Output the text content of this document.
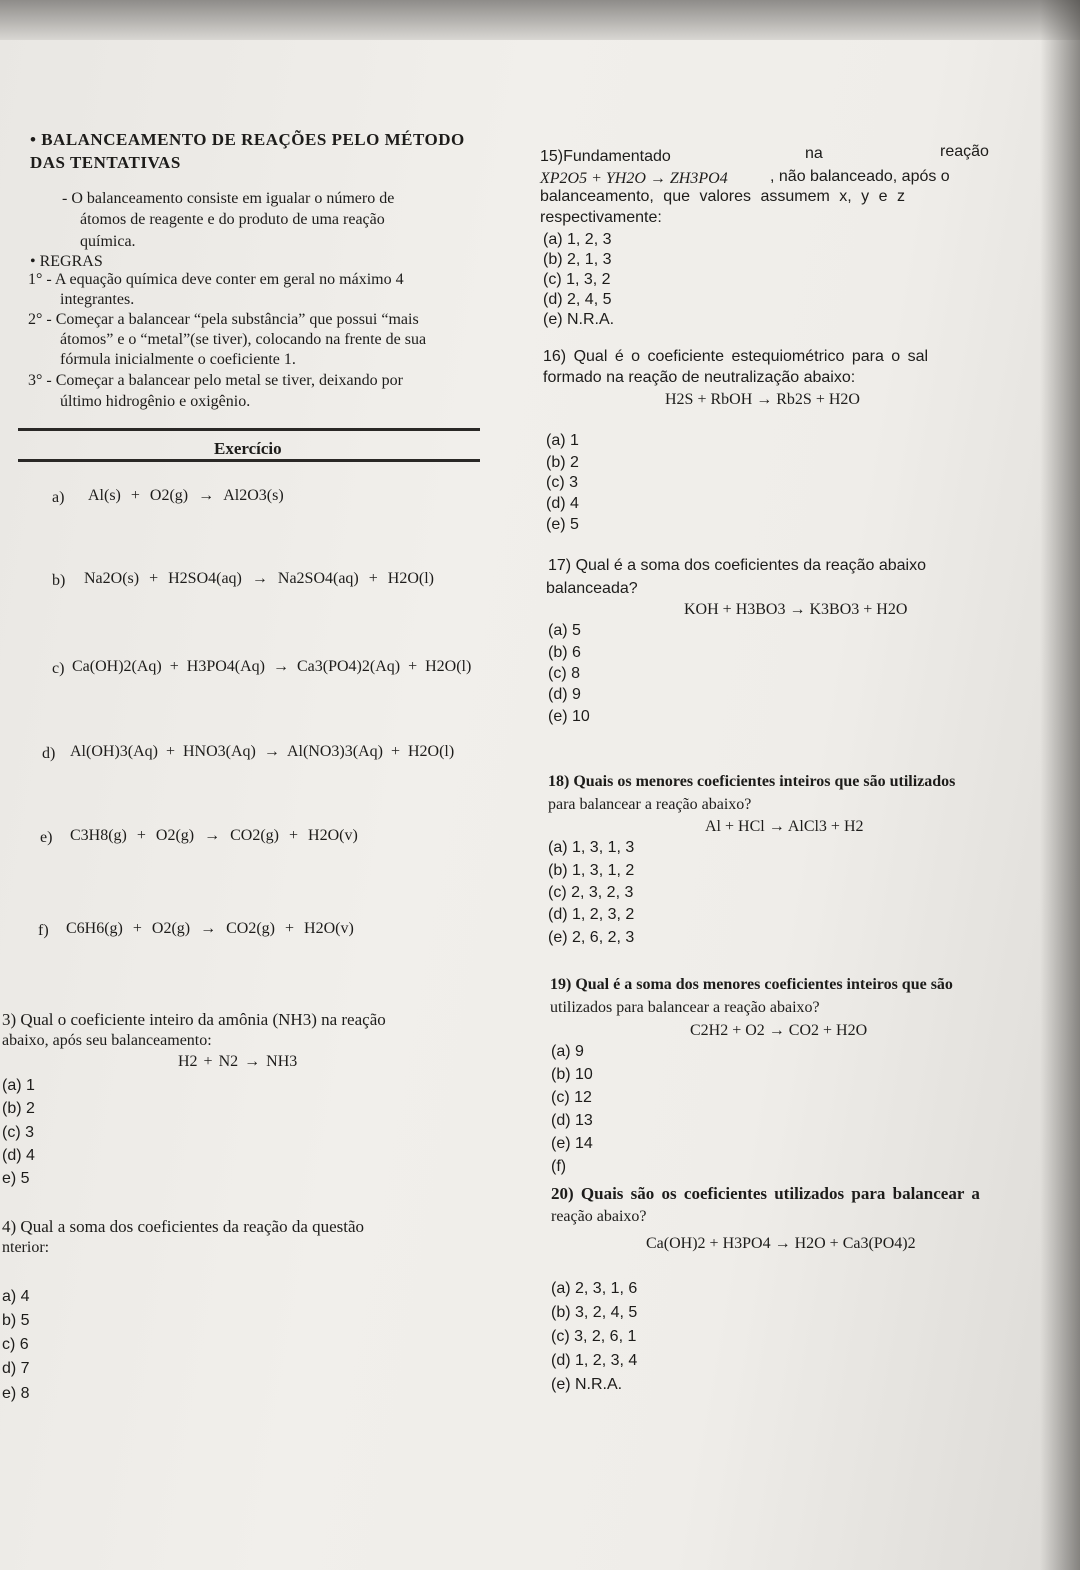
• BALANCEAMENTO DE REAÇÕES PELO MÉTODO
DAS TENTATIVAS
- O balanceamento consiste em igualar o número de
átomos de reagente e do produto de uma reação
química.
• REGRAS
1° - A equação química deve conter em geral no máximo 4
integrantes.
2° - Começar a balancear “pela substância” que possui “mais
átomos” e o “metal”(se tiver), colocando na frente de sua
fórmula inicialmente o coeficiente 1.
3° - Começar a balancear pelo metal se tiver, deixando por
último hidrogênio e oxigênio.
Exercício
a) Al(s) + O2(g) → Al2O3(s)
b) Na2O(s) + H2SO4(aq) → Na2SO4(aq) + H2O(l)
c) Ca(OH)2(Aq) + H3PO4(Aq) → Ca3(PO4)2(Aq) + H2O(l)
d) Al(OH)3(Aq) + HNO3(Aq) → Al(NO3)3(Aq) + H2O(l)
e) C3H8(g) + O2(g) → CO2(g) + H2O(v)
f) C6H6(g) + O2(g) → CO2(g) + H2O(v)
3) Qual o coeficiente inteiro da amônia (NH3) na reação
abaixo, após seu balanceamento:
H2 + N2 → NH3
(a) 1
(b) 2
(c) 3
(d) 4
e) 5
4) Qual a soma dos coeficientes da reação da questão
nterior:
a) 4
b) 5
c) 6
d) 7
e) 8
15)Fundamentado	na	reação
XP2O5 + YH2O → ZH3PO4	, não balanceado, após o
balanceamento, que valores assumem x, y e z
respectivamente:
(a) 1, 2, 3
(b) 2, 1, 3
(c) 1, 3, 2
(d) 2, 4, 5
(e) N.R.A.
16) Qual é o coeficiente estequiométrico para o sal
formado na reação de neutralização abaixo:
H2S + RbOH → Rb2S + H2O
(a) 1
(b) 2
(c) 3
(d) 4
(e) 5
17) Qual é a soma dos coeficientes da reação abaixo
balanceada?
KOH + H3BO3 → K3BO3 + H2O
(a) 5
(b) 6
(c) 8
(d) 9
(e) 10
18) Quais os menores coeficientes inteiros que são utilizados
para balancear a reação abaixo?
Al + HCl → AlCl3 + H2
(a) 1, 3, 1, 3
(b) 1, 3, 1, 2
(c) 2, 3, 2, 3
(d) 1, 2, 3, 2
(e) 2, 6, 2, 3
19) Qual é a soma dos menores coeficientes inteiros que são
utilizados para balancear a reação abaixo?
C2H2 + O2 → CO2 + H2O
(a) 9
(b) 10
(c) 12
(d) 13
(e) 14
(f)
20) Quais são os coeficientes utilizados para balancear a
reação abaixo?
Ca(OH)2 + H3PO4 → H2O + Ca3(PO4)2
(a) 2, 3, 1, 6
(b) 3, 2, 4, 5
(c) 3, 2, 6, 1
(d) 1, 2, 3, 4
(e) N.R.A.
